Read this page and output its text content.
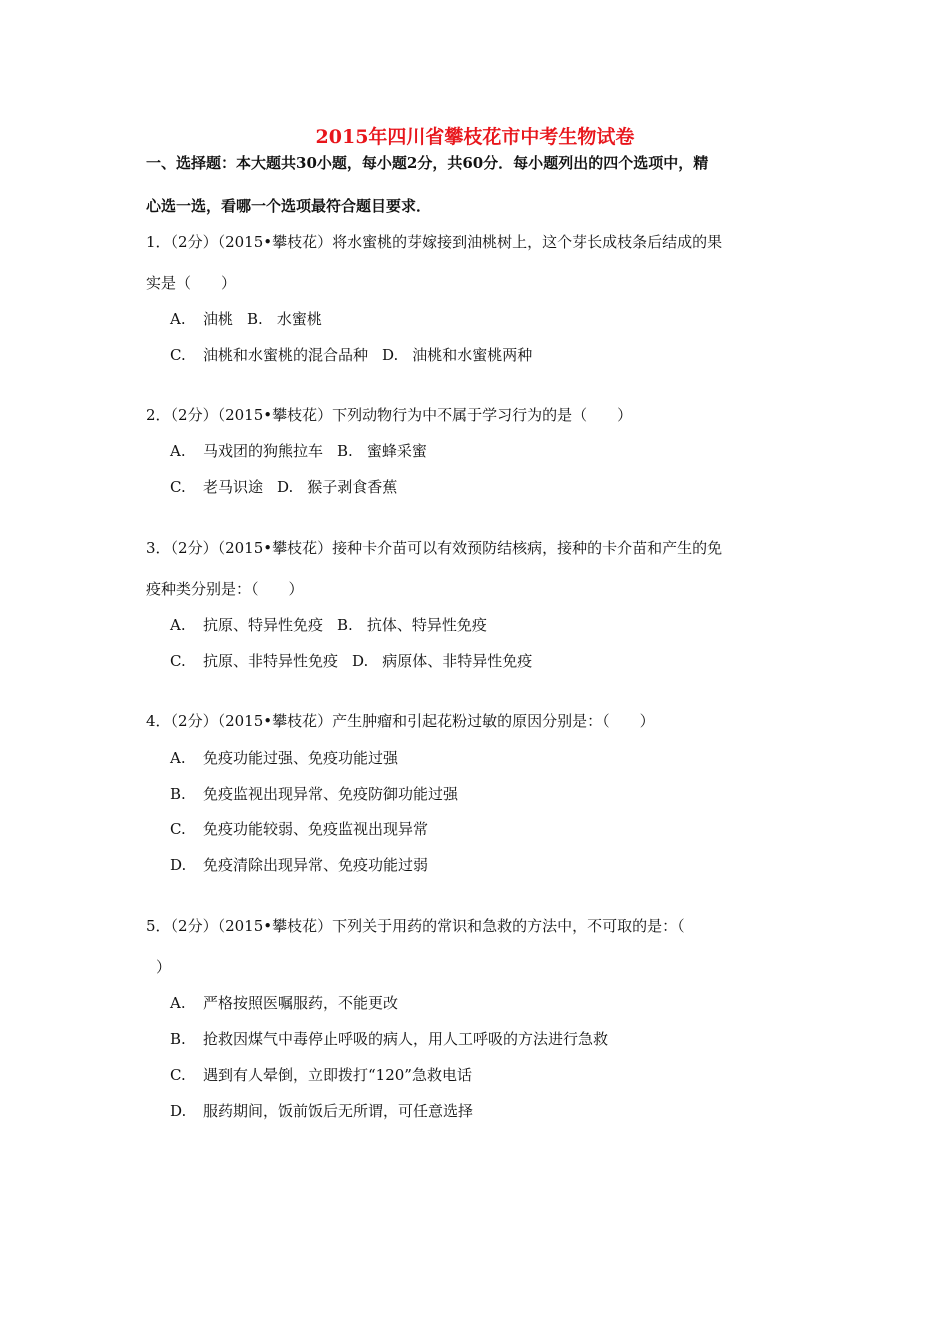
2015年四川省攀枝花市中考生物试卷
一、选择题：本大题共30小题，每小题2分，共60分．每小题列出的四个选项中，精
心选一选，看哪一个选项最符合题目要求．
1．（2分）（2015•攀枝花）将水蜜桃的芽嫁接到油桃树上，这个芽长成枝条后结成的果
实是（　　）
A. 油桃 B. 水蜜桃
C. 油桃和水蜜桃的混合品种 D. 油桃和水蜜桃两种
2．（2分）（2015•攀枝花）下列动物行为中不属于学习行为的是（　　）
A. 马戏团的狗熊拉车 B. 蜜蜂采蜜
C. 老马识途 D. 猴子剥食香蕉
3．（2分）（2015•攀枝花）接种卡介苗可以有效预防结核病，接种的卡介苗和产生的免
疫种类分别是：（　　）
A. 抗原、特异性免疫 B. 抗体、特异性免疫
C. 抗原、非特异性免疫 D. 病原体、非特异性免疫
4．（2分）（2015•攀枝花）产生肿瘤和引起花粉过敏的原因分别是：（　　）
A. 免疫功能过强、免疫功能过强
B. 免疫监视出现异常、免疫防御功能过强
C. 免疫功能较弱、免疫监视出现异常
D. 免疫清除出现异常、免疫功能过弱
5．（2分）（2015•攀枝花）下列关于用药的常识和急救的方法中，不可取的是：（
）
A. 严格按照医嘱服药，不能更改
B. 抢救因煤气中毒停止呼吸的病人，用人工呼吸的方法进行急救
C. 遇到有人晕倒，立即拨打“120”急救电话
D. 服药期间，饭前饭后无所谓，可任意选择
